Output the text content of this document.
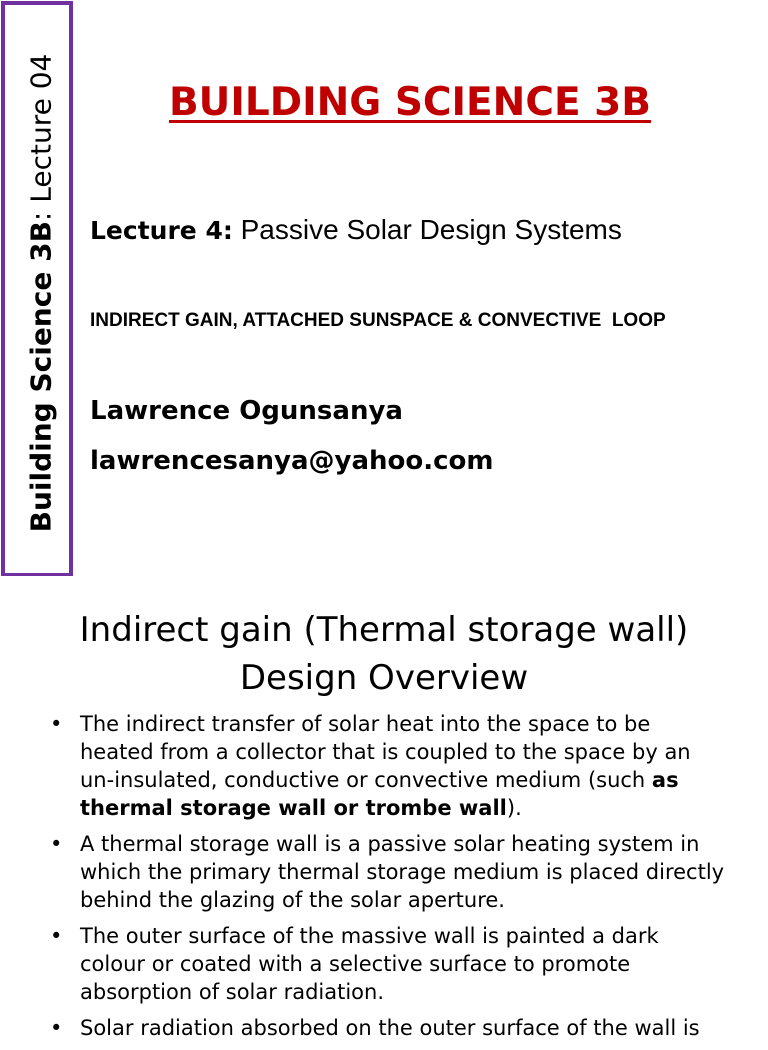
Building Science 3B: Lecture 04	BUILDING SCIENCE 3B
Lecture 4: Passive Solar Design Systems
INDIRECT GAIN, ATTACHED SUNSPACE & CONVECTIVE  LOOP
Lawrence Ogunsanya
lawrencesanya@yahoo.com
Indirect gain (Thermal storage wall) Design Overview
• The indirect transfer of solar heat into the space to be heated from a collector that is coupled to the space by an un-insulated, conductive or convective medium (such as thermal storage wall or trombe wall).
• A thermal storage wall is a passive solar heating system in which the primary thermal storage medium is placed directly behind the glazing of the solar aperture.
• The outer surface of the massive wall is painted a dark colour or coated with a selective surface to promote absorption of solar radiation.
• Solar radiation absorbed on the outer surface of the wall is
